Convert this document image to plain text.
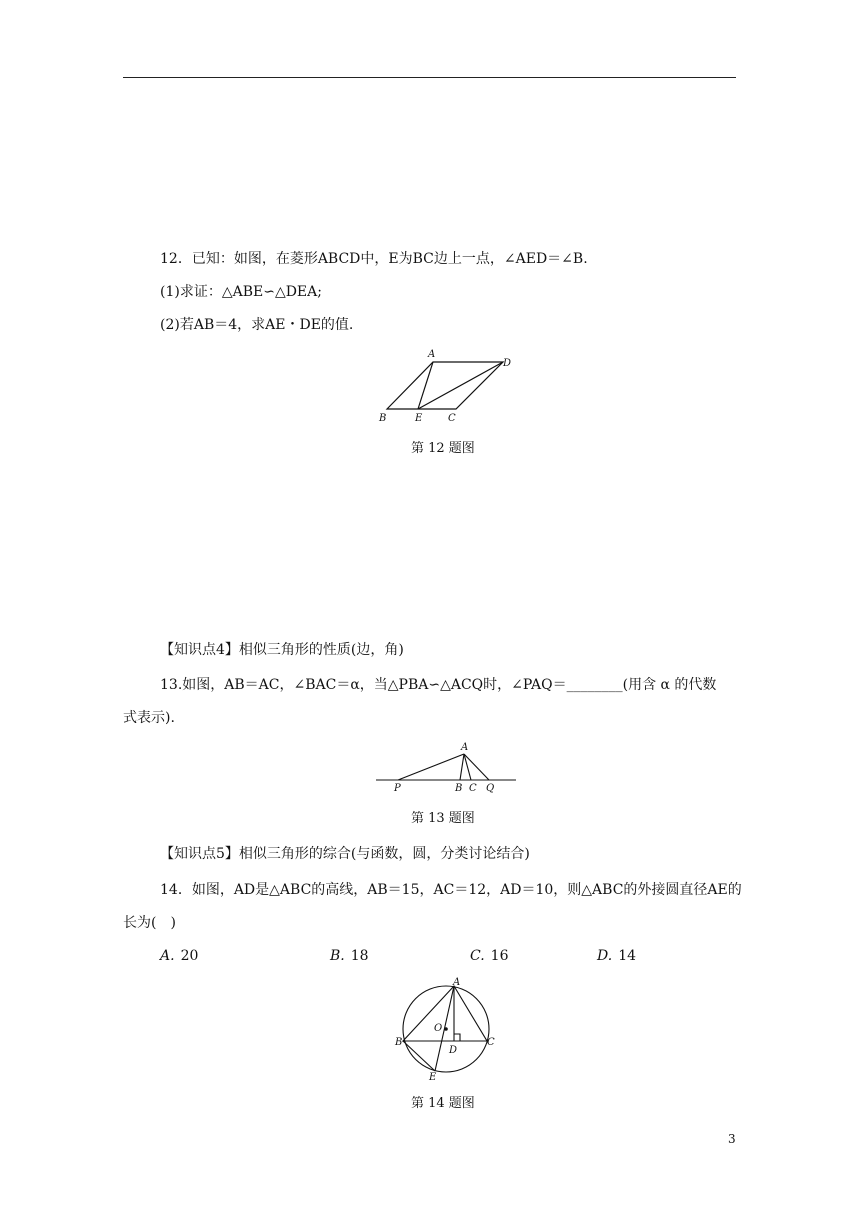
12．已知：如图，在菱形ABCD中，E为BC边上一点，∠AED＝∠B.
(1)求证：△ABE∽△DEA;
(2)若AB＝4，求AE・DE的值.
A
D
B	E	C
第 12 题图
【知识点4】相似三角形的性质(边，角)
13.如图，AB＝AC，∠BAC＝α，当△PBA∽△ACQ时，∠PAQ＝________(用含 α 的代数
式表示).
A
P	B C Q
第 13 题图
【知识点5】相似三角形的综合(与函数，圆，分类讨论结合)
14．如图，AD是△ABC的高线，AB＝15，AC＝12，AD＝10，则△ABC的外接圆直径AE的
长为(　)
A. 20	B. 18	C. 16	D. 14
A
O
B
D
C
E
第 14 题图
3
